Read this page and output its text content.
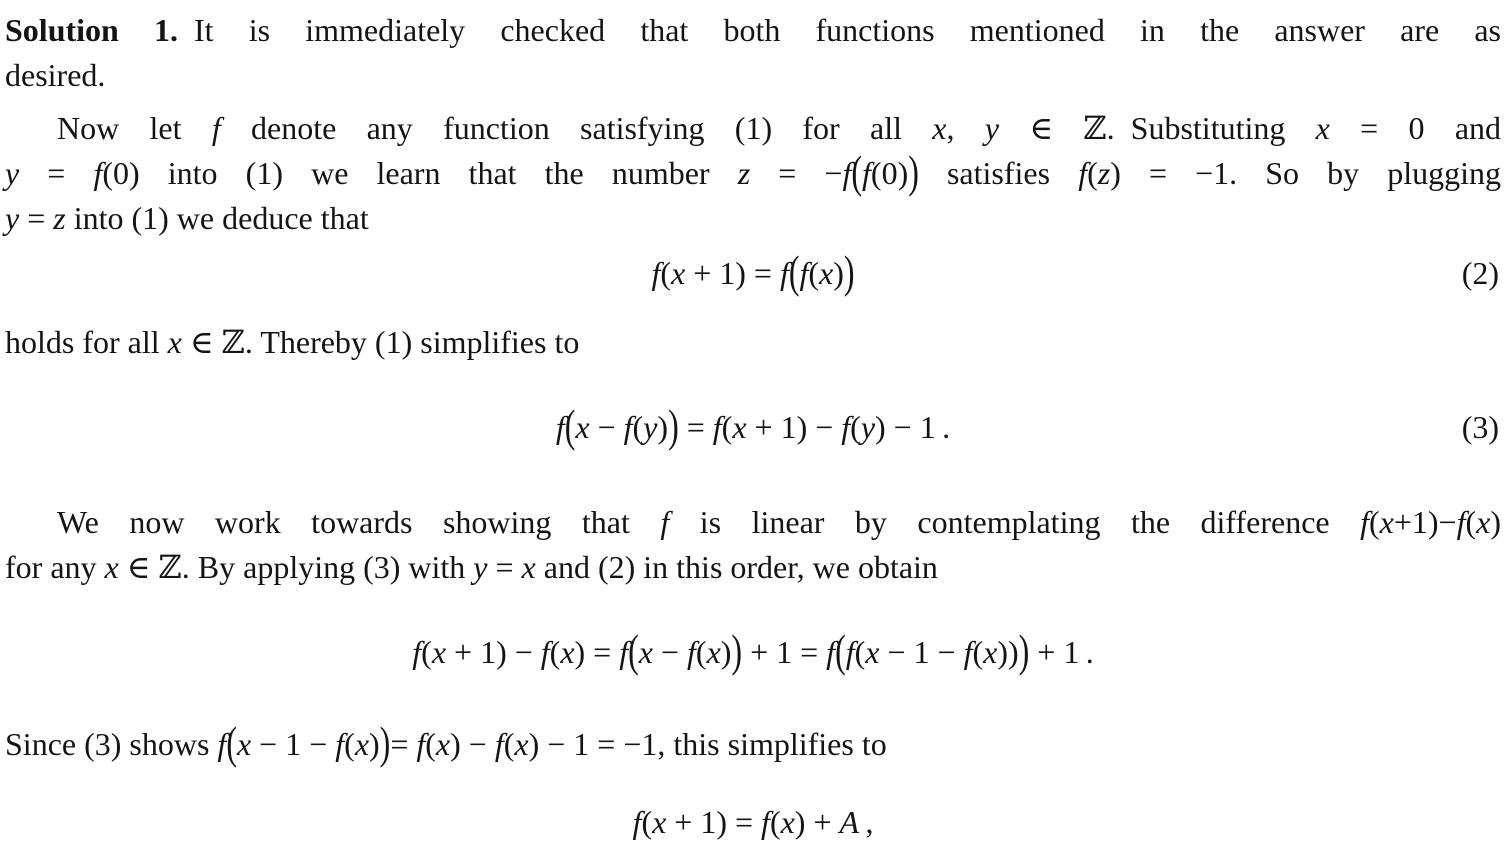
Solution 1. It is immediately checked that both functions mentioned in the answer are as
desired.
Now let f denote any function satisfying (1) for all x, y ∈ ℤ. Substituting x = 0 and
y = f(0) into (1) we learn that the number z = −f(f(0)) satisfies f(z) = −1. So by plugging
y = z into (1) we deduce that
f(x + 1) = f(f(x))	(2)
holds for all x ∈ ℤ. Thereby (1) simplifies to
f(x − f(y)) = f(x + 1) − f(y) − 1 .	(3)
We now work towards showing that f is linear by contemplating the difference f(x+1)−f(x)
for any x ∈ ℤ. By applying (3) with y = x and (2) in this order, we obtain
f(x + 1) − f(x) = f(x − f(x)) + 1 = f(f(x − 1 − f(x))) + 1 .
Since (3) shows f(x − 1 − f(x))= f(x) − f(x) − 1 = −1, this simplifies to
f(x + 1) = f(x) + A ,
